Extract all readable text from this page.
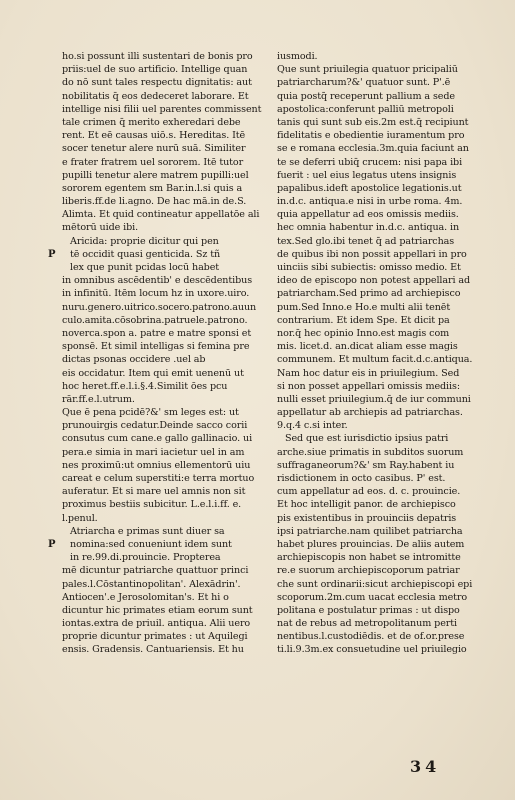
ho.si possunt illi sustentari de bonis pro
priis:uel de suo artificio. Intellige quan
do nō sunt tales respectu dignitatis: aut
nobilitatis q̄ eos dedeceret laborare. Et
intellige nisi filii uel parentes commissent
tale crimen q̄ merito exheredari debe
rent. Et eē causas uiō.s. Hereditas. Itē
socer tenetur alere nurū suā. Similiter
e frater fratrem uel sororem. Itē tutor
pupilli tenetur alere matrem pupilli:uel
sororem egentem sm Bar.in.l.si quis a
liberis.ff.de li.agno. De hac mā.in de.S.
Alimta. Et quid contineatur appellatōe ali
mētorū uide ibi.
Aricida: proprie dicitur qui pen
P tē occidit quasi genticida. Sz tñ
lex que punit pcidas locū habet
in omnibus ascēdentib' e descēdentibus
in infinitū. Itēm locum hz in uxore.uiro.
nuru.genero.uitrico.socero.patrono.auun
culo.amita.cōsobrina.patruele.patrono.
noverca.spon a. patre e matre sponsi et
sponsē. Et simil intelligas si femina pre
dictas psonas occidere .uel ab
eis occidatur. Item qui emit uenenū ut
hoc heret.ff.e.l.i.§.4.Similit ōes pcu
rār.ff.e.l.utrum.
Que ē pena pcidē?&' sm leges est: ut
prunouirgis cedatur.Deinde sacco corii
consutus cum cane.e gallo gallinacio. ui
pera.e simia in mari iacietur uel in am
nes proximū:ut omnius ellementorū uiu
careat e celum superstiti:e terra mortuo
auferatur. Et si mare uel amnis non sit
proximus bestiis subicitur. L.e.l.i.ff. e.
l.penul.
Atriarcha e primas sunt diuer sa
P nomina:sed conueniunt idem sunt
in re.99.di.prouincie. Propterea
mē dicuntur patriarche quattuor princi
pales.l.Cōstantinopolitan'. Alexādrin'.
Antiocen'.e Jerosolomitan's. Et hi o
dicuntur hic primates etiam eorum sunt
iontas.extra de priuil. antiqua. Alii uero
proprie dicuntur primates : ut Aquilegi
ensis. Gradensis. Cantuariensis. Et hu
iusmodi.
Que sunt priuilegia quatuor pricipaliū
patriarcharum?&' quatuor sunt. P'.ē
quia postq̄ receperunt pallium a sede
apostolica:conferunt palliū metropoli
tanis qui sunt sub eis.2m est.q̄ recipiunt
fidelitatis e obedientie iuramentum pro
se e romana ecclesia.3m.quia faciunt an
te se deferri ubiq̄ crucem: nisi papa ibi
fuerit : uel eius legatus utens insignis
papalibus.ideft apostolice legationis.ut
in.d.c. antiqua.e nisi in urbe roma. 4m.
quia appellatur ad eos omissis mediis.
hec omnia habentur in.d.c. antiqua. in
tex.Sed glo.ibi tenet q̄ ad patriarchas
de quibus ibi non possit appellari in pro
uinciis sibi subiectis: omisso medio. Et
ideo de episcopo non potest appellari ad
patriarcham.Sed primo ad archiepisco
pum.Sed Inno.e Ho.e multi alii tenēt
contrarium. Et idem Spe. Et dicit pa
nor.q̄ hec opinio Inno.est magis com
mis. licet.d. an.dicat aliam esse magis
communem. Et multum facit.d.c.antiqua.
Nam hoc datur eis in priuilegium. Sed
si non posset appellari omissis mediis:
nulli esset priuilegium.q̄ de iur communi
appellatur ab archiepis ad patriarchas.
9.q.4 c.si inter.
Sed que est iurisdictio ipsius patri
arche.siue primatis in subditos suorum
suffraganeorum?&' sm Ray.habent iu
risdictionem in octo casibus. P' est.
cum appellatur ad eos. d. c. prouincie.
Et hoc intelligit panor. de archiepisco
pis existentibus in prouinciis depatris
ipsi patriarche.nam quilibet patriarcha
habet plures prouincias. De aliis autem
archiepiscopis non habet se intromitte
re.e suorum archiepiscoporum patriar
che sunt ordinarii:sicut archiepiscopi epi
scoporum.2m.cum uacat ecclesia metro
politana e postulatur primas : ut dispo
nat de rebus ad metropolitanum perti
nentibus.l.custodiēdis. et de of.or.prese
ti.li.9.3m.ex consuetudine uel priuilegio
34
